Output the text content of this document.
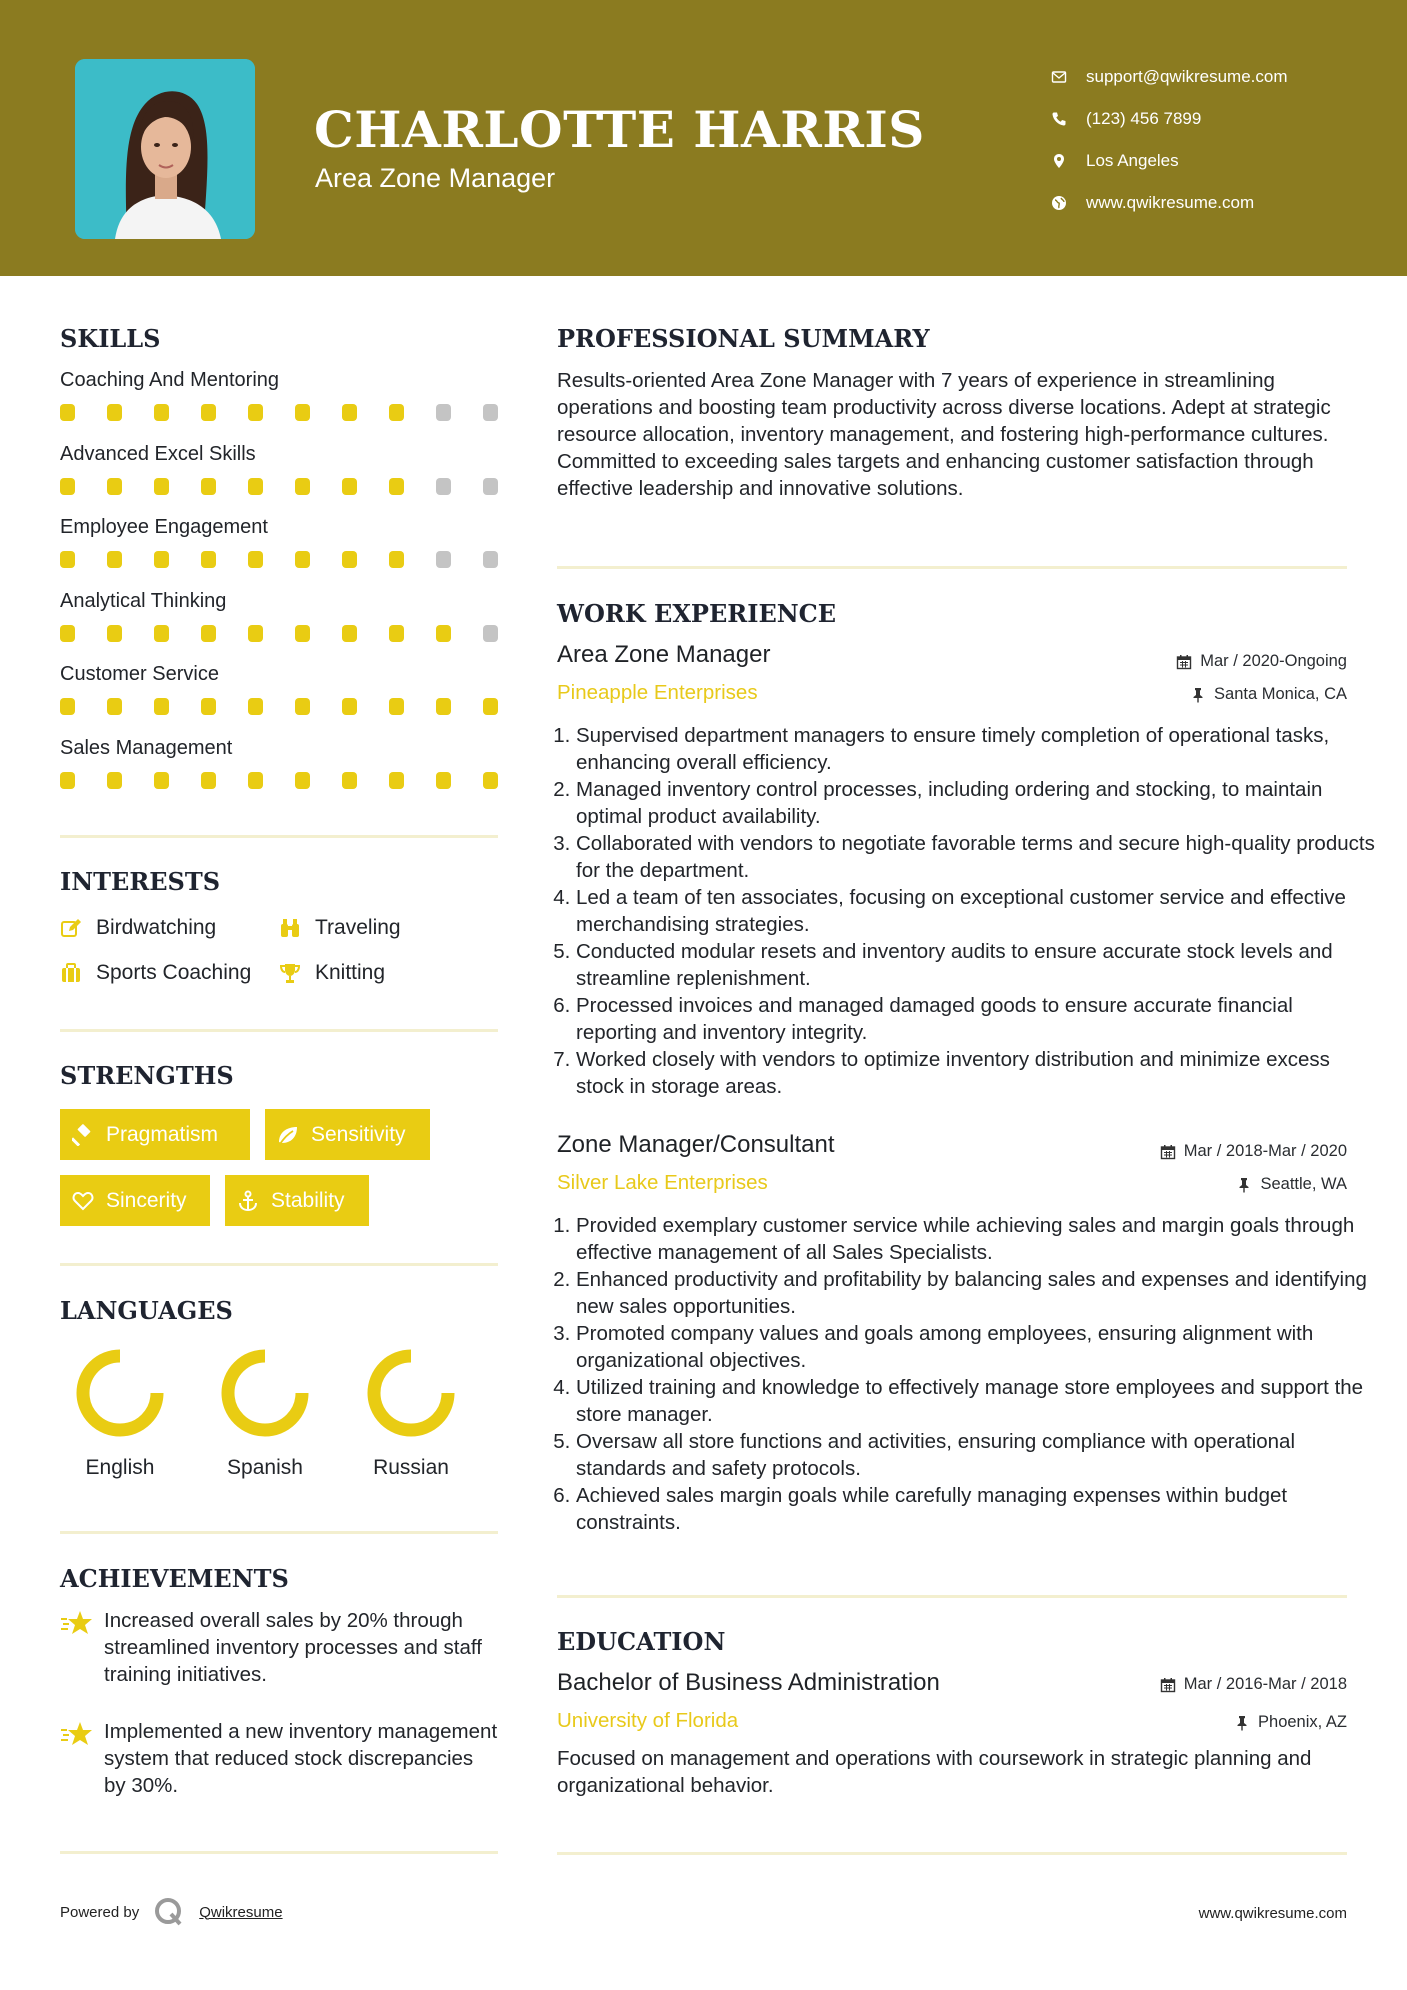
CHARLOTTE HARRIS
Area Zone Manager
support@qwikresume.com
(123) 456 7899
Los Angeles
www.qwikresume.com
SKILLS
Coaching And Mentoring
Advanced Excel Skills
Employee Engagement
Analytical Thinking
Customer Service
Sales Management
INTERESTS
Birdwatching	Traveling
Sports Coaching	Knitting
STRENGTHS
Pragmatism	Sensitivity
Sincerity	Stability
LANGUAGES
English	Spanish	Russian
ACHIEVEMENTS
Increased overall sales by 20% through streamlined inventory processes and staff training initiatives.
Implemented a new inventory management system that reduced stock discrepancies by 30%.
PROFESSIONAL SUMMARY

Results-oriented Area Zone Manager with 7 years of experience in streamlining operations and boosting team productivity across diverse locations. Adept at strategic resource allocation, inventory management, and fostering high-performance cultures. Committed to exceeding sales targets and enhancing customer satisfaction through effective leadership and innovative solutions.

WORK EXPERIENCE
Area Zone Manager	Mar / 2020-Ongoing
Pineapple Enterprises	Santa Monica, CA
1. Supervised department managers to ensure timely completion of operational tasks, enhancing overall efficiency.
2. Managed inventory control processes, including ordering and stocking, to maintain optimal product availability.
3. Collaborated with vendors to negotiate favorable terms and secure high-quality products for the department.
4. Led a team of ten associates, focusing on exceptional customer service and effective merchandising strategies.
5. Conducted modular resets and inventory audits to ensure accurate stock levels and streamline replenishment.
6. Processed invoices and managed damaged goods to ensure accurate financial reporting and inventory integrity.
7. Worked closely with vendors to optimize inventory distribution and minimize excess stock in storage areas.
Zone Manager/Consultant	Mar / 2018-Mar / 2020
Silver Lake Enterprises	Seattle, WA
1. Provided exemplary customer service while achieving sales and margin goals through effective management of all Sales Specialists.
2. Enhanced productivity and profitability by balancing sales and expenses and identifying new sales opportunities.
3. Promoted company values and goals among employees, ensuring alignment with organizational objectives.
4. Utilized training and knowledge to effectively manage store employees and support the store manager.
5. Oversaw all store functions and activities, ensuring compliance with operational standards and safety protocols.
6. Achieved sales margin goals while carefully managing expenses within budget constraints.
EDUCATION
Bachelor of Business Administration	Mar / 2016-Mar / 2018
University of Florida	Phoenix, AZ

Focused on management and operations with coursework in strategic planning and organizational behavior.

Powered by	Qwikresume	www.qwikresume.com
